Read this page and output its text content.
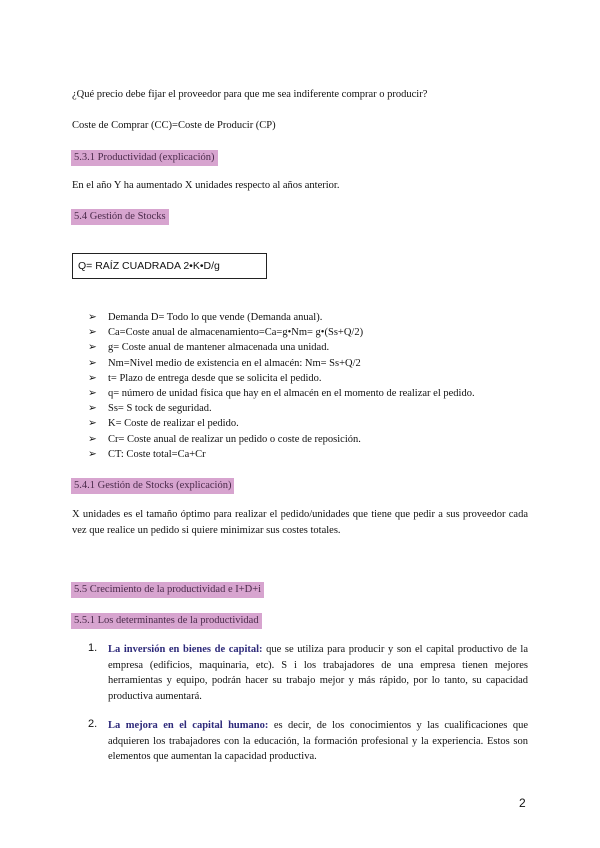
¿Qué precio debe fijar el proveedor para que me sea indiferente comprar o producir?
Coste de Comprar (CC)=Coste de Producir (CP)
5.3.1 Productividad (explicación)
En el año Y ha aumentado X unidades respecto al años anterior.
5.4 Gestión de Stocks
Q= RAÍZ CUADRADA 2•K•D/g
➢ Demanda D= Todo lo que vende (Demanda anual).
➢ Ca=Coste anual de almacenamiento=Ca=g•Nm= g•(Ss+Q/2)
➢ g= Coste anual de mantener almacenada una unidad.
➢ Nm=Nivel medio de existencia en el almacén: Nm= Ss+Q/2
➢ t= Plazo de entrega desde que se solicita el pedido.
➢ q= número de unidad física que hay en el almacén en el momento de realizar el pedido.
➢ Ss= S tock de seguridad.
➢ K= Coste de realizar el pedido.
➢ Cr= Coste anual de realizar un pedido o coste de reposición.
➢ CT: Coste total=Ca+Cr
5.4.1 Gestión de Stocks (explicación)
X unidades es el tamaño óptimo para realizar el pedido/unidades que tiene que pedir a sus proveedor cada vez que realice un pedido si quiere minimizar sus costes totales.
5.5 Crecimiento de la productividad e I+D+i
5.5.1 Los determinantes de la productividad
1. La inversión en bienes de capital: que se utiliza para producir y son el capital productivo de la empresa (edificios, maquinaria, etc). S i los trabajadores de una empresa tienen mejores herramientas y equipo, podrán hacer su trabajo mejor y más rápido, por lo tanto, su capacidad productiva aumentará.
2. La mejora en el capital humano: es decir, de los conocimientos y las cualificaciones que adquieren los trabajadores con la educación, la formación profesional y la experiencia. Estos son elementos que aumentan la capacidad productiva.
2
